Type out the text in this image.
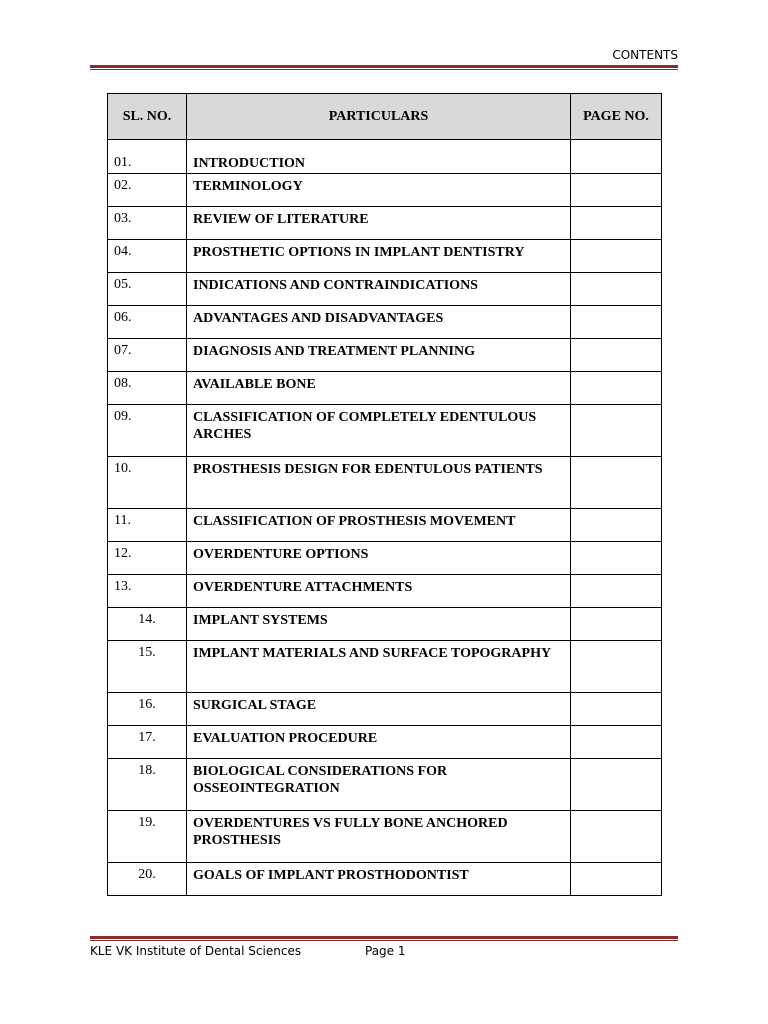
CONTENTS
SL. NO.	PARTICULARS	PAGE NO.
01.	INTRODUCTION	
02.	TERMINOLOGY	
03.	REVIEW OF LITERATURE	
04.	PROSTHETIC OPTIONS IN IMPLANT DENTISTRY	
05.	INDICATIONS AND CONTRAINDICATIONS	
06.	ADVANTAGES AND DISADVANTAGES	
07.	DIAGNOSIS AND TREATMENT PLANNING	
08.	AVAILABLE BONE	
09.	CLASSIFICATION OF COMPLETELY EDENTULOUS ARCHES	
10.	PROSTHESIS DESIGN FOR EDENTULOUS PATIENTS	
11.	CLASSIFICATION OF PROSTHESIS MOVEMENT	
12.	OVERDENTURE OPTIONS	
13.	OVERDENTURE ATTACHMENTS	
14.	IMPLANT SYSTEMS	
15.	IMPLANT MATERIALS AND SURFACE TOPOGRAPHY	
16.	SURGICAL STAGE	
17.	EVALUATION PROCEDURE	
18.	BIOLOGICAL CONSIDERATIONS FOR OSSEOINTEGRATION	
19.	OVERDENTURES VS FULLY BONE ANCHORED PROSTHESIS	
20.	GOALS OF IMPLANT PROSTHODONTIST	
KLE VK Institute of Dental Sciences	Page 1
